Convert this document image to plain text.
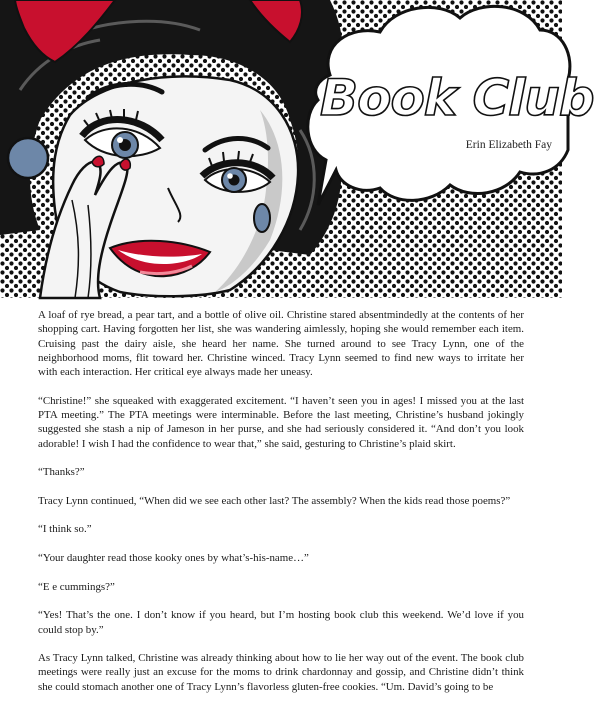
Book Club
Erin Elizabeth Fay

A loaf of rye bread, a pear tart, and a bottle of olive oil. Christine stared absentmindedly at the contents of her shopping cart. Having forgotten her list, she was wandering aimlessly, hoping she would remember each item. Cruising past the dairy aisle, she heard her name. She turned around to see Tracy Lynn, one of the neighborhood moms, flit toward her. Christine winced. Tracy Lynn seemed to find new ways to irritate her with each interaction. Her critical eye always made her uneasy.

“Christine!” she squeaked with exaggerated excitement. “I haven’t seen you in ages! I missed you at the last PTA meeting.” The PTA meetings were interminable. Before the last meeting, Christine’s husband jokingly suggested she stash a nip of Jameson in her purse, and she had seriously considered it. “And don’t you look adorable! I wish I had the confidence to wear that,” she said, gesturing to Christine’s plaid skirt.

“Thanks?”

Tracy Lynn continued, “When did we see each other last? The assembly? When the kids read those poems?”

“I think so.”

“Your daughter read those kooky ones by what’s-his-name…”

“E e cummings?”

“Yes! That’s the one. I don’t know if you heard, but I’m hosting book club this weekend. We’d love if you could stop by.”

As Tracy Lynn talked, Christine was already thinking about how to lie her way out of the event. The book club meetings were really just an excuse for the moms to drink chardonnay and gossip, and Christine didn’t think she could stomach another one of Tracy Lynn’s flavorless gluten-free cookies. “Um. David’s going to be
